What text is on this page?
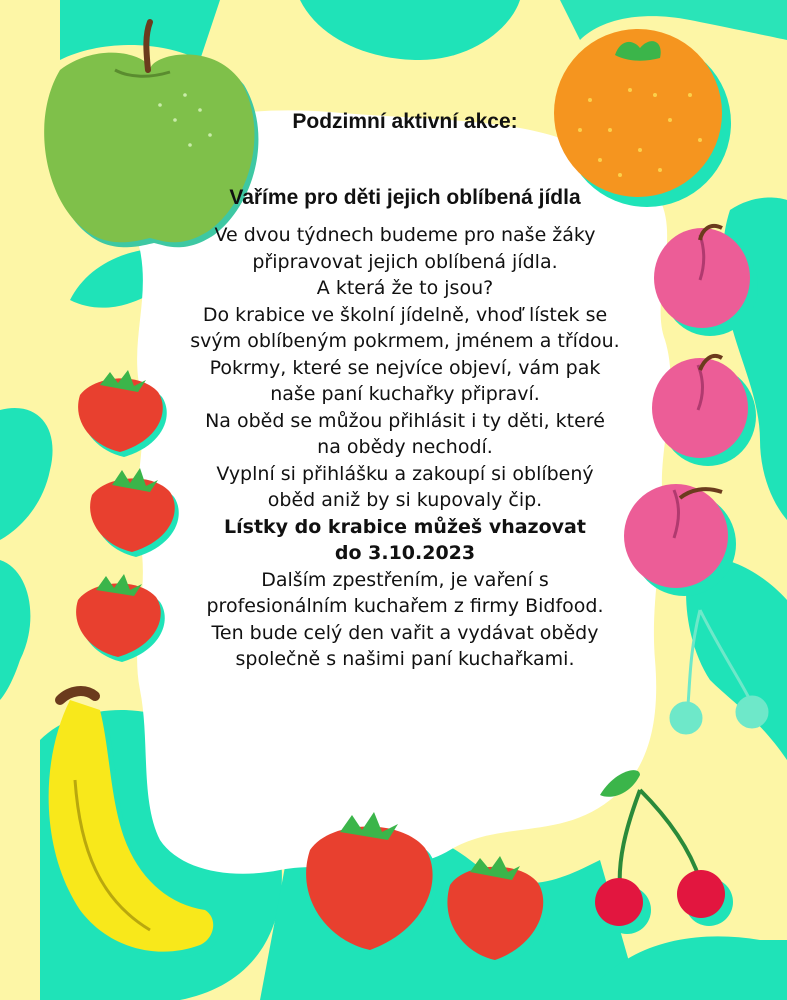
Podzimní aktivní akce:
Vaříme pro děti jejich oblíbená jídla
Ve dvou týdnech budeme pro naše žáky
připravovat jejich oblíbená jídla.
A která že to jsou?
Do krabice ve školní jídelně, vhoď lístek se
svým oblíbeným pokrmem, jménem a třídou.
Pokrmy, které se nejvíce objeví, vám pak
naše paní kuchařky připraví.
Na oběd se můžou přihlásit i ty děti, které
na obědy nechodí.
Vyplní si přihlášku a zakoupí si oblíbený
oběd aniž by si kupovaly čip.
Lístky do krabice můžeš vhazovat
do 3.10.2023
Dalším zpestřením, je vaření s
profesionálním kuchařem z firmy Bidfood.
Ten bude celý den vařit a vydávat obědy
společně s našimi paní kuchařkami.
